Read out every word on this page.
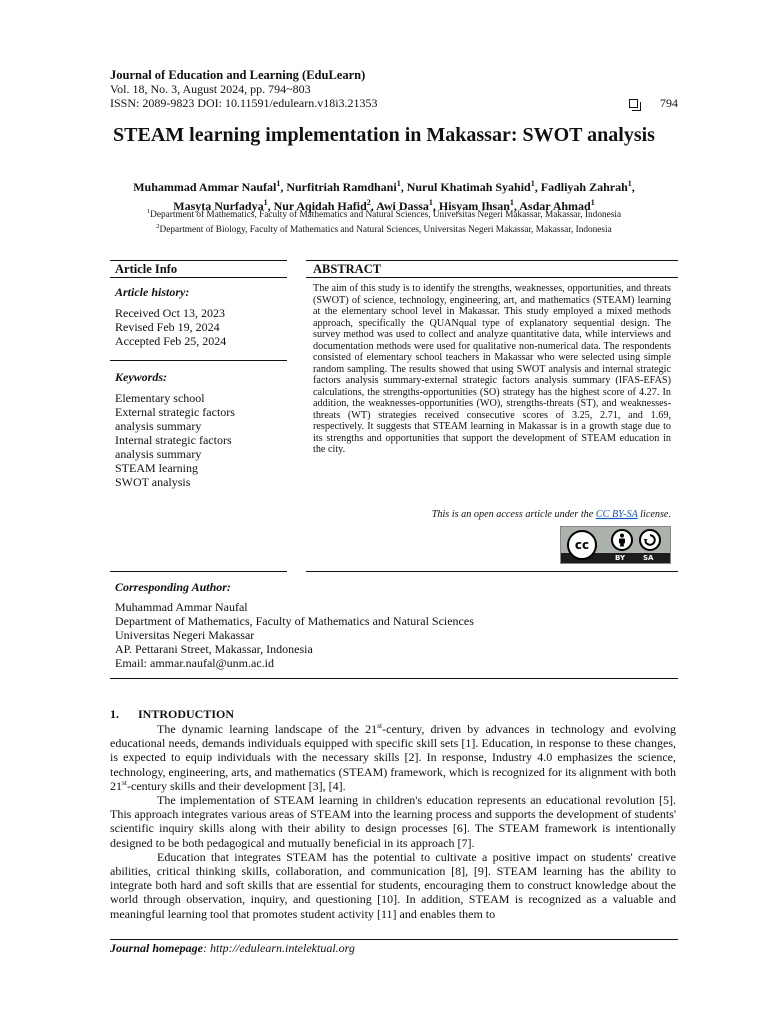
Journal of Education and Learning (EduLearn)
Vol. 18, No. 3, August 2024, pp. 794~803
ISSN: 2089-9823 DOI: 10.11591/edulearn.v18i3.21353	794
STEAM learning implementation in Makassar: SWOT analysis
Muhammad Ammar Naufal$^1$, Nurfitriah Ramdhani$^1$, Nurul Khatimah Syahid$^1$, Fadliyah Zahrah$^1$,
Masyta Nurfadya$^1$, Nur Aqidah Hafid$^2$, Awi Dassa$^1$, Hisyam Ihsan$^1$, Asdar Ahmad$^1$
$^1$Department of Mathematics, Faculty of Mathematics and Natural Sciences, Universitas Negeri Makassar, Makassar, Indonesia
$^2$Department of Biology, Faculty of Mathematics and Natural Sciences, Universitas Negeri Makassar, Makassar, Indonesia
Article Info	ABSTRACT
Article history:
Received Oct 13, 2023
Revised Feb 19, 2024
Accepted Feb 25, 2024
Keywords:
Elementary school
External strategic factors
analysis summary
Internal strategic factors
analysis summary
STEAM learning
SWOT analysis
The aim of this study is to identify the strengths, weaknesses, opportunities, and threats (SWOT) of science, technology, engineering, art, and mathematics (STEAM) learning at the elementary school level in Makassar. This study employed a mixed methods approach, specifically the QUANqual type of explanatory sequential design. The survey method was used to collect and analyze quantitative data, while interviews and documentation methods were used for qualitative non-numerical data. The respondents consisted of elementary school teachers in Makassar who were selected using simple random sampling. The results showed that using SWOT analysis and internal strategic factors analysis summary-external strategic factors analysis summary (IFAS-EFAS) calculations, the strengths-opportunities (SO) strategy has the highest score of 4.27. In addition, the weaknesses-opportunities (WO), strengths-threats (ST), and weaknesses-threats (WT) strategies received consecutive scores of 3.25, 2.71, and 1.69, respectively. It suggests that STEAM learning in Makassar is in a growth stage due to its strengths and opportunities that support the development of STEAM education in the city.
This is an open access article under the CC BY-SA license.
cc
BY	SA
Corresponding Author:
Muhammad Ammar Naufal
Department of Mathematics, Faculty of Mathematics and Natural Sciences
Universitas Negeri Makassar
AP. Pettarani Street, Makassar, Indonesia
Email: ammar.naufal@unm.ac.id
1. INTRODUCTION

The dynamic learning landscape of the 21st-century, driven by advances in technology and evolving educational needs, demands individuals equipped with specific skill sets [1]. Education, in response to these changes, is expected to equip individuals with the necessary skills [2]. In response, Industry 4.0 emphasizes the science, technology, engineering, arts, and mathematics (STEAM) framework, which is recognized for its alignment with both 21st-century skills and their development [3], [4].

The implementation of STEAM learning in children's education represents an educational revolution [5]. This approach integrates various areas of STEAM into the learning process and supports the development of students' scientific inquiry skills along with their ability to design processes [6]. The STEAM framework is intentionally designed to be both pedagogical and mutually beneficial in its approach [7].

Education that integrates STEAM has the potential to cultivate a positive impact on students' creative abilities, critical thinking skills, collaboration, and communication [8], [9]. STEAM learning has the ability to integrate both hard and soft skills that are essential for students, encouraging them to construct knowledge about the world through observation, inquiry, and questioning [10]. In addition, STEAM is recognized as a valuable and meaningful learning tool that promotes student activity [11] and enables them to

Journal homepage: http://edulearn.intelektual.org
